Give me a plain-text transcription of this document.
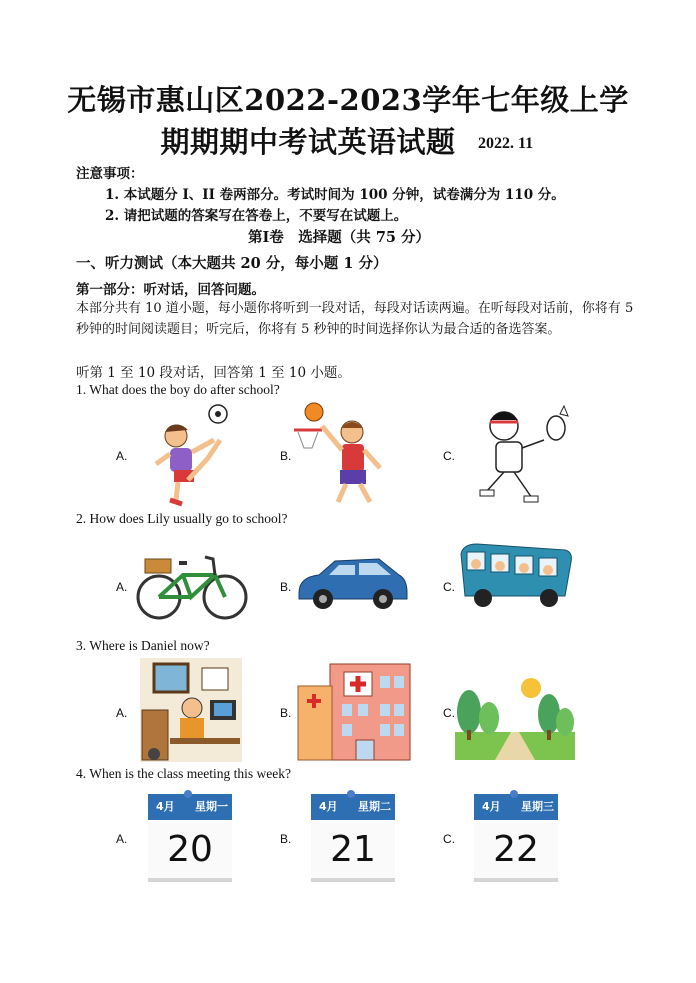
无锡市惠山区2022-2023学年七年级上学
期期期中考试英语试题	2022. 11
注意事项：
1. 本试题分 I、II 卷两部分。考试时间为 100 分钟，试卷满分为 110 分。
2. 请把试题的答案写在答卷上，不要写在试题上。
第Ⅰ卷　选择题（共 75 分）
一、听力测试（本大题共 20 分，每小题 1 分）
第一部分：听对话，回答问题。
本部分共有 10 道小题，每小题你将听到一段对话，每段对话读两遍。在听每段对话前，你将有 5 秒钟的时间阅读题目；听完后，你将有 5 秒钟的时间选择你认为最合适的备选答案。
听第 1 至 10 段对话，回答第 1 至 10 小题。
1. What does the boy do after school?
A.	B.	C.
2. How does Lily usually go to school?
A.	B.	C.
3. Where is Daniel now?
A.	B.	C.
4. When is the class meeting this week?
A.	B.	C.
4月 星期一
20
4月 星期二
21
4月 星期三
22
